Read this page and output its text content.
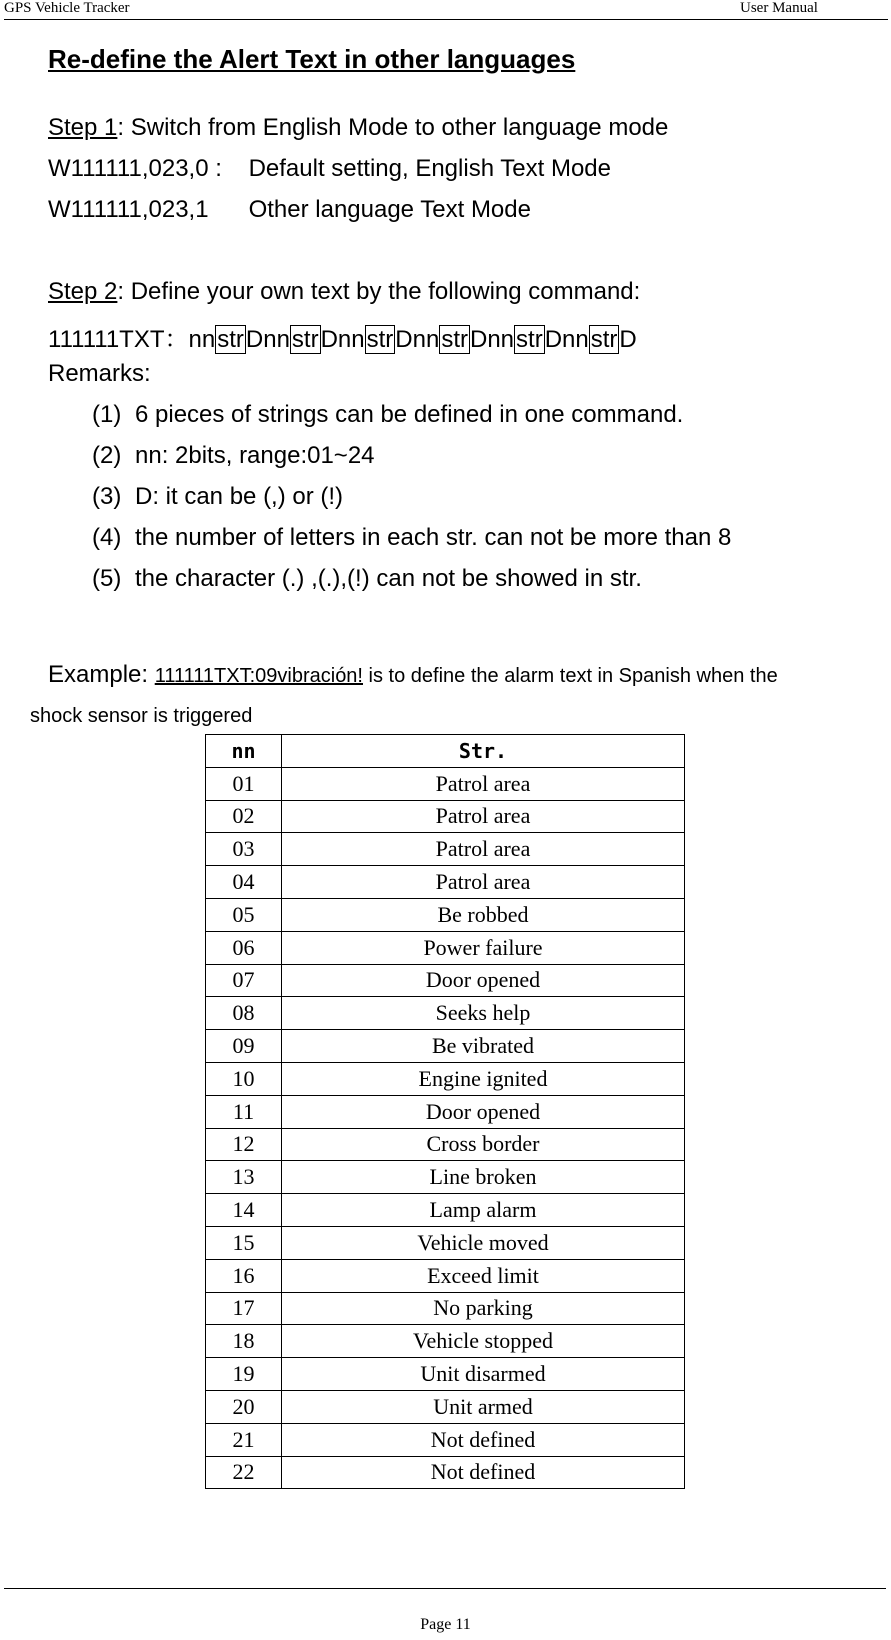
GPS Vehicle Tracker	User Manual
Re-define the Alert Text in other languages
Step 1: Switch from English Mode to other language mode
W111111,023,0 :    Default setting, English Text Mode
W111111,023,1      Other language Text Mode
Step 2: Define your own text by the following command:
111111TXT：nnstrDnnstrDnnstrDnnstrDnnstrDnnstrD
Remarks:
(1) 6 pieces of strings can be defined in one command.
(2) nn: 2bits, range:01~24
(3) D: it can be (,) or (!)
(4) the number of letters in each str. can not be more than 8
(5) the character (.) ,(.),(!) can not be showed in str.
Example: 111111TXT:09vibración! is to define the alarm text in Spanish when the
shock sensor is triggered
nn	Str.
01	Patrol area
02	Patrol area
03	Patrol area
04	Patrol area
05	Be robbed
06	Power failure
07	Door opened
08	Seeks help
09	Be vibrated
10	Engine ignited
11	Door opened
12	Cross border
13	Line broken
14	Lamp alarm
15	Vehicle moved
16	Exceed limit
17	No parking
18	Vehicle stopped
19	Unit disarmed
20	Unit armed
21	Not defined
22	Not defined
Page 11
